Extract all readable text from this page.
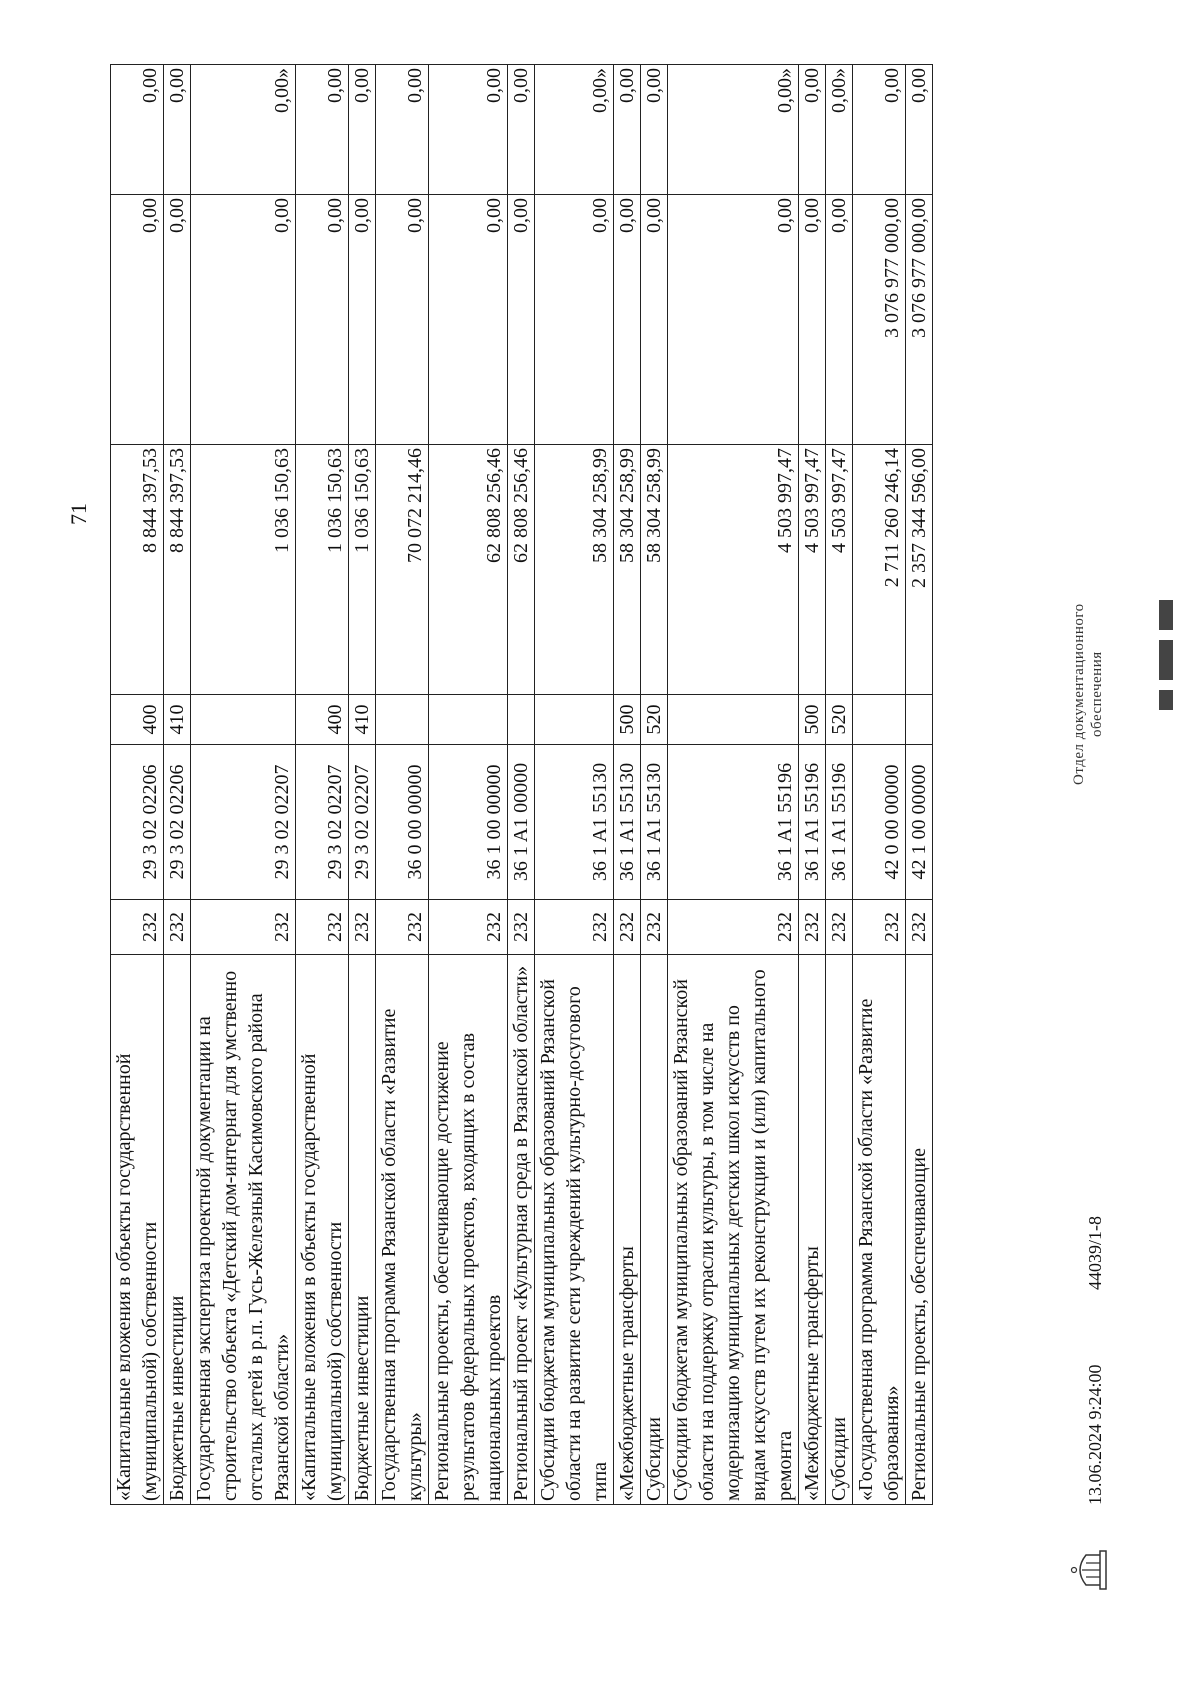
71
«Капитальные вложения в объекты государственной (муниципальной) собственности	232	29 3 02 02206	400	8 844 397,53	0,00	0,00
Бюджетные инвестиции	232	29 3 02 02206	410	8 844 397,53	0,00	0,00
Государственная экспертиза проектной документации на строительство объекта «Детский дом-интернат для умственно отсталых детей в р.п. Гусь-Железный Касимовского района Рязанской области»	232	29 3 02 02207		1 036 150,63	0,00	0,00»
«Капитальные вложения в объекты государственной (муниципальной) собственности	232	29 3 02 02207	400	1 036 150,63	0,00	0,00
Бюджетные инвестиции	232	29 3 02 02207	410	1 036 150,63	0,00	0,00
Государственная программа Рязанской области «Развитие культуры»	232	36 0 00 00000		70 072 214,46	0,00	0,00
Региональные проекты, обеспечивающие достижение результатов федеральных проектов, входящих в состав национальных проектов	232	36 1 00 00000		62 808 256,46	0,00	0,00
Региональный проект «Культурная среда в Рязанской области»	232	36 1 A1 00000		62 808 256,46	0,00	0,00
Субсидии бюджетам муниципальных образований Рязанской области на развитие сети учреждений культурно-досугового типа	232	36 1 A1 55130		58 304 258,99	0,00	0,00»
«Межбюджетные трансферты	232	36 1 A1 55130	500	58 304 258,99	0,00	0,00
Субсидии	232	36 1 A1 55130	520	58 304 258,99	0,00	0,00
Субсидии бюджетам муниципальных образований Рязанской области на поддержку отрасли культуры, в том числе на модернизацию муниципальных детских школ искусств по видам искусств путем их реконструкции и (или) капитального ремонта	232	36 1 A1 55196		4 503 997,47	0,00	0,00»
«Межбюджетные трансферты	232	36 1 A1 55196	500	4 503 997,47	0,00	0,00
Субсидии	232	36 1 A1 55196	520	4 503 997,47	0,00	0,00»
«Государственная программа Рязанской области «Развитие образования»	232	42 0 00 00000		2 711 260 246,14	3 076 977 000,00	0,00
Региональные проекты, обеспечивающие	232	42 1 00 00000		2 357 344 596,00	3 076 977 000,00	0,00
13.06.2024 9:24:00
44039/1-8
Отдел документационного обеспечения
